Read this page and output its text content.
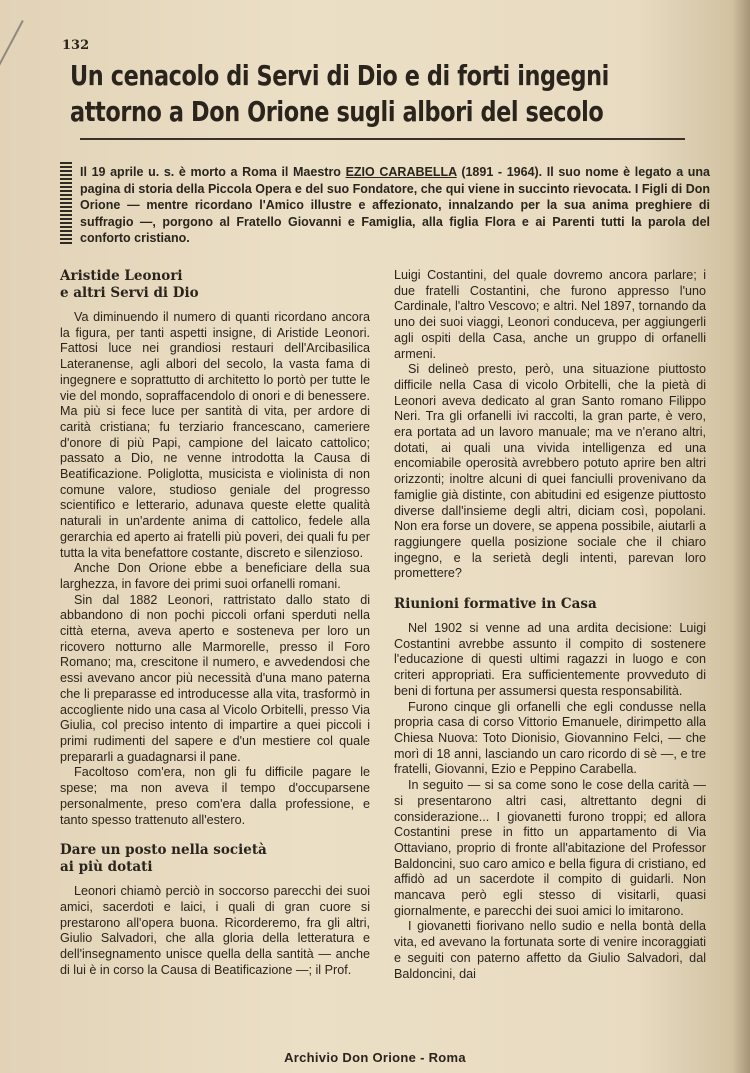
132
Un cenacolo di Servi di Dio e di forti ingegni
attorno a Don Orione sugli albori del secolo
Il 19 aprile u. s. è morto a Roma il Maestro EZIO CARABELLA (1891 - 1964). Il suo nome è legato a una pagina di storia della Piccola Opera e del suo Fondatore, che qui viene in succinto rievocata. I Figli di Don Orione — mentre ricordano l'Amico illustre e affezionato, innalzando per la sua anima preghiere di suffragio —, porgono al Fratello Giovanni e Famiglia, alla figlia Flora e ai Parenti tutti la parola del conforto cristiano.
Aristide Leonori
e altri Servi di Dio

Va diminuendo il numero di quanti ricordano ancora la figura, per tanti aspetti insigne, di Aristide Leonori. Fattosi luce nei grandiosi restauri dell'Arcibasilica Lateranense, agli albori del secolo, la vasta fama di ingegnere e soprattutto di architetto lo portò per tutte le vie del mondo, sopraffacendolo di onori e di benessere. Ma più si fece luce per santità di vita, per ardore di carità cristiana; fu terziario francescano, cameriere d'onore di più Papi, campione del laicato cattolico; passato a Dio, ne venne introdotta la Causa di Beatificazione. Poliglotta, musicista e violinista di non comune valore, studioso geniale del progresso scientifico e letterario, adunava queste elette qualità naturali in un'ardente anima di cattolico, fedele alla gerarchia ed aperto ai fratelli più poveri, dei quali fu per tutta la vita benefattore costante, discreto e silenzioso.

Anche Don Orione ebbe a beneficiare della sua larghezza, in favore dei primi suoi orfanelli romani.

Sin dal 1882 Leonori, rattristato dallo stato di abbandono di non pochi piccoli orfani sperduti nella città eterna, aveva aperto e sosteneva per loro un ricovero notturno alle Marmorelle, presso il Foro Romano; ma, crescitone il numero, e avvedendosi che essi avevano ancor più necessità d'una mano paterna che li preparasse ed introducesse alla vita, trasformò in accogliente nido una casa al Vicolo Orbitelli, presso Via Giulia, col preciso intento di impartire a quei piccoli i primi rudimenti del sapere e d'un mestiere col quale prepararli a guadagnarsi il pane.

Facoltoso com'era, non gli fu difficile pagare le spese; ma non aveva il tempo d'occuparsene personalmente, preso com'era dalla professione, e tanto spesso trattenuto all'estero.

Dare un posto nella società
ai più dotati

Leonori chiamò perciò in soccorso parecchi dei suoi amici, sacerdoti e laici, i quali di gran cuore si prestarono all'opera buona. Ricorderemo, fra gli altri, Giulio Salvadori, che alla gloria della letteratura e dell'insegnamento unisce quella della santità — anche di lui è in corso la Causa di Beatificazione —; il Prof.

Luigi Costantini, del quale dovremo ancora parlare; i due fratelli Costantini, che furono appresso l'uno Cardinale, l'altro Vescovo; e altri. Nel 1897, tornando da uno dei suoi viaggi, Leonori conduceva, per aggiungerli agli ospiti della Casa, anche un gruppo di orfanelli armeni.

Si delineò presto, però, una situazione piuttosto difficile nella Casa di vicolo Orbitelli, che la pietà di Leonori aveva dedicato al gran Santo romano Filippo Neri. Tra gli orfanelli ivi raccolti, la gran parte, è vero, era portata ad un lavoro manuale; ma ve n'erano altri, dotati, ai quali una vivida intelligenza ed una encomiabile operosità avrebbero potuto aprire ben altri orizzonti; inoltre alcuni di quei fanciulli provenivano da famiglie già distinte, con abitudini ed esigenze piuttosto diverse dall'insieme degli altri, diciam così, popolani. Non era forse un dovere, se appena possibile, aiutarli a raggiungere quella posizione sociale che il chiaro ingegno, e la serietà degli intenti, parevan loro promettere?

Riunioni formative in Casa

Nel 1902 si venne ad una ardita decisione: Luigi Costantini avrebbe assunto il compito di sostenere l'educazione di questi ultimi ragazzi in luogo e con criteri appropriati. Era sufficientemente provveduto di beni di fortuna per assumersi questa responsabilità.

Furono cinque gli orfanelli che egli condusse nella propria casa di corso Vittorio Emanuele, dirimpetto alla Chiesa Nuova: Toto Dionisio, Giovannino Felci, — che morì di 18 anni, lasciando un caro ricordo di sè —, e tre fratelli, Giovanni, Ezio e Peppino Carabella.

In seguito — si sa come sono le cose della carità — si presentarono altri casi, altrettanto degni di considerazione... I giovanetti furono troppi; ed allora Costantini prese in fitto un appartamento di Via Ottaviano, proprio di fronte all'abitazione del Professor Baldoncini, suo caro amico e bella figura di cristiano, ed affidò ad un sacerdote il compito di guidarli. Non mancava però egli stesso di visitarli, quasi giornalmente, e parecchi dei suoi amici lo imitarono.

I giovanetti fiorivano nello sudio e nella bontà della vita, ed avevano la fortunata sorte di venire incoraggiati e seguiti con paterno affetto da Giulio Salvadori, dal Baldoncini, dai

Archivio Don Orione - Roma
